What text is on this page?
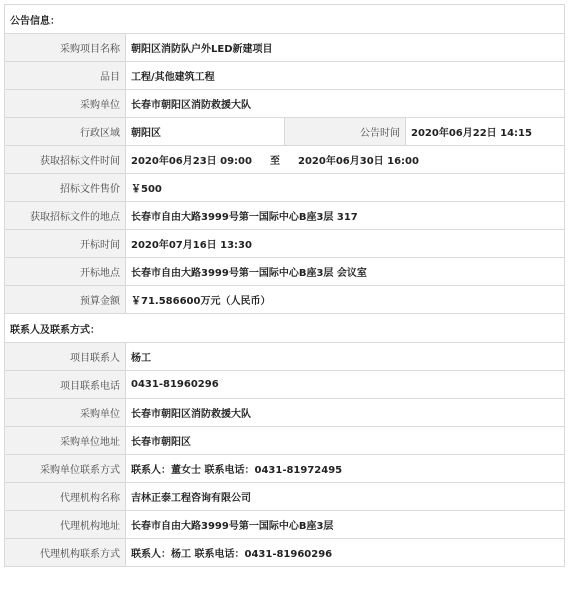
公告信息：			
采购项目名称	朝阳区消防队户外LED新建项目		
品目	工程/其他建筑工程		
采购单位	长春市朝阳区消防救援大队		
行政区域	朝阳区	公告时间	2020年06月22日 14:15
获取招标文件时间	2020年06月23日 09:00 至 2020年06月30日 16:00		
招标文件售价	￥500		
获取招标文件的地点	长春市自由大路3999号第一国际中心B座3层 317		
开标时间	2020年07月16日 13:30		
开标地点	长春市自由大路3999号第一国际中心B座3层 会议室		
预算金额	￥71.586600万元（人民币）		
联系人及联系方式：			
项目联系人	杨工		
项目联系电话	0431-81960296		
采购单位	长春市朝阳区消防救援大队		
采购单位地址	长春市朝阳区		
采购单位联系方式	联系人：董女士 联系电话：0431-81972495		
代理机构名称	吉林正泰工程咨询有限公司		
代理机构地址	长春市自由大路3999号第一国际中心B座3层		
代理机构联系方式	联系人：杨工 联系电话：0431-81960296		
